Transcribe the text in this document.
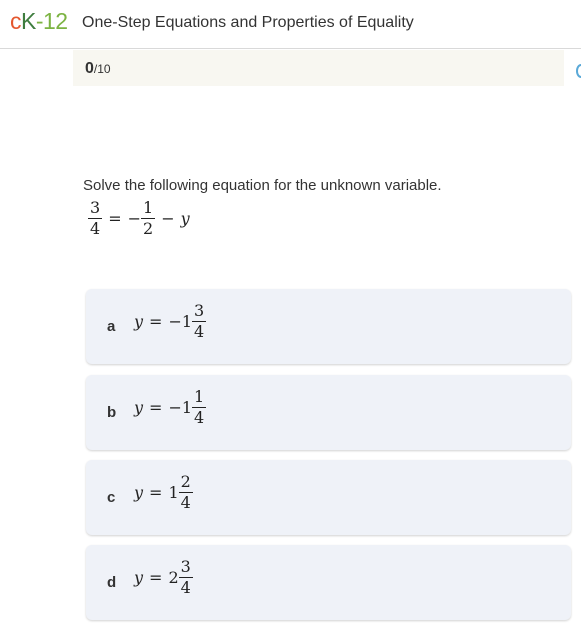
cK-12 One-Step Equations and Properties of Equality
0/10
Solve the following equation for the unknown variable.
$\frac{3}{4}$ = − $\frac{1}{2} - y$
a y = − $1 \frac{3}{4}$
b y = − $1 \frac{1}{4}$
c $y = 1 \frac{2}{4}$
d $y = 2 \frac{3}{4}$
